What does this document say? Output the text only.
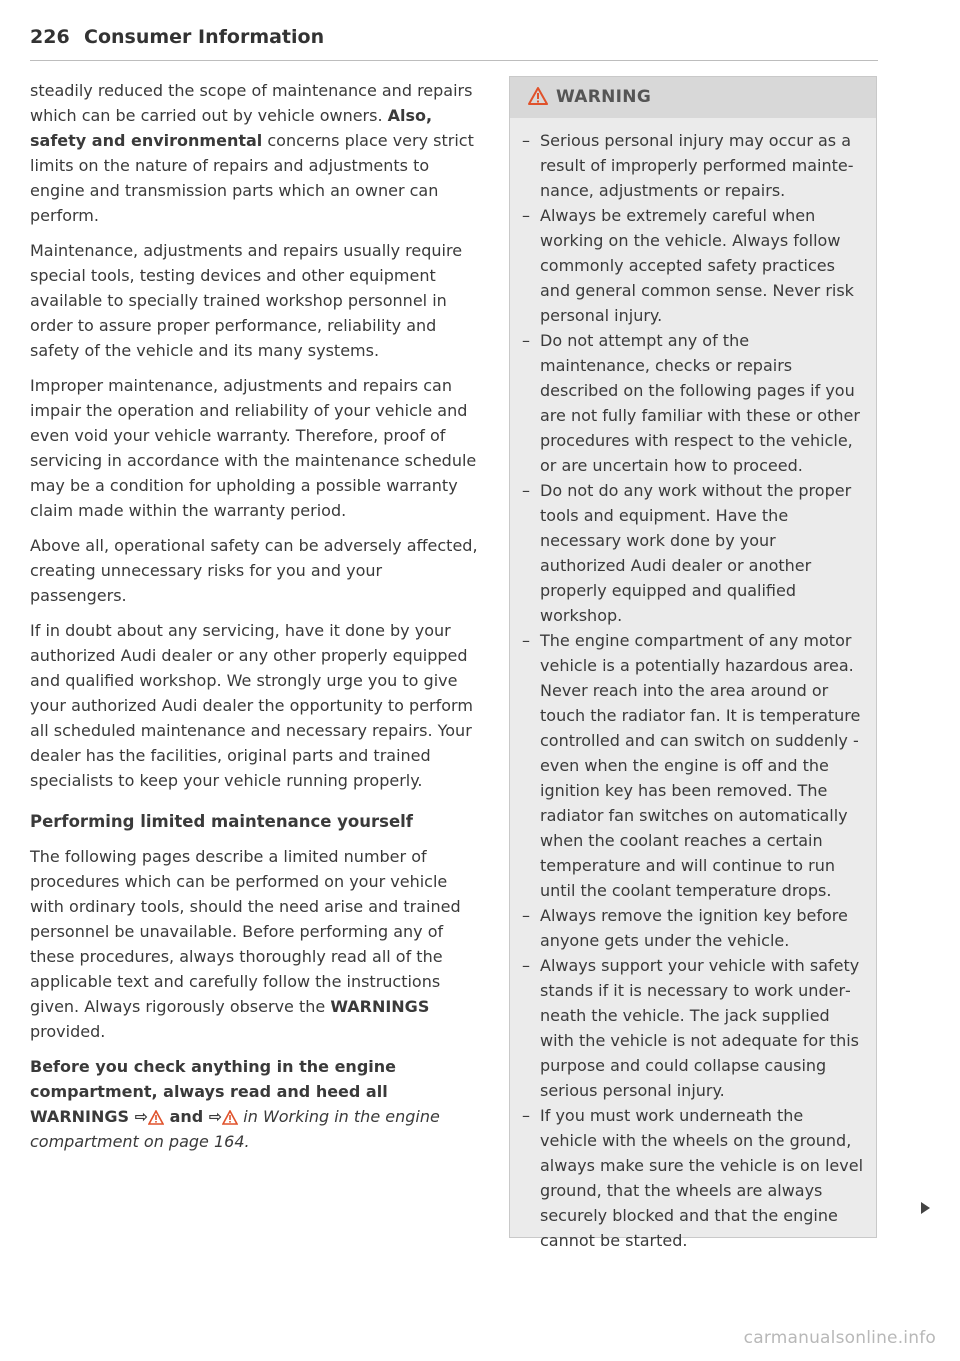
226 Consumer Information

steadily reduced the scope of maintenance and repairs which can be carried out by vehicle owners. Also, safety and environmental concerns place very strict limits on the nature of repairs and adjustments to engine and transmission parts which an owner can perform.

Maintenance, adjustments and repairs usually require special tools, testing devices and other equipment available to specially trained workshop personnel in order to assure proper performance, reliability and safety of the vehicle and its many systems.

Improper maintenance, adjustments and repairs can impair the operation and reliability of your vehicle and even void your vehicle warranty. Therefore, proof of servicing in accordance with the maintenance schedule may be a condition for upholding a possible warranty claim made within the warranty period.

Above all, operational safety can be adversely affected, creating unnecessary risks for you and your passengers.

If in doubt about any servicing, have it done by your authorized Audi dealer or any other properly equipped and qualified workshop. We strongly urge you to give your authorized Audi dealer the opportunity to perform all scheduled maintenance and necessary repairs. Your dealer has the facilities, original parts and trained specialists to keep your vehicle running properly.

Performing limited maintenance yourself

The following pages describe a limited number of procedures which can be performed on your vehicle with ordinary tools, should the need arise and trained personnel be unavailable. Before performing any of these procedures, always thoroughly read all of the applicable text and carefully follow the instructions given. Always rigorously observe the WARNINGS provided.

Before you check anything in the engine compartment, always read and heed all WARNINGS ⇨ and ⇨ in Working in the engine compartment on page 164.

WARNING
– Serious personal injury may occur as a result of improperly performed maintenance, adjustments or repairs.
– Always be extremely careful when working on the vehicle. Always follow commonly accepted safety practices and general common sense. Never risk personal injury.
– Do not attempt any of the maintenance, checks or repairs described on the following pages if you are not fully familiar with these or other procedures with respect to the vehicle, or are uncertain how to proceed.
– Do not do any work without the proper tools and equipment. Have the necessary work done by your authorized Audi dealer or another properly equipped and qualified workshop.
– The engine compartment of any motor vehicle is a potentially hazardous area. Never reach into the area around or touch the radiator fan. It is temperature controlled and can switch on suddenly - even when the engine is off and the ignition key has been removed. The radiator fan switches on automatically when the coolant reaches a certain temperature and will continue to run until the coolant temperature drops.
– Always remove the ignition key before anyone gets under the vehicle.
– Always support your vehicle with safety stands if it is necessary to work underneath the vehicle. The jack supplied with the vehicle is not adequate for this purpose and could collapse causing serious personal injury.
– If you must work underneath the vehicle with the wheels on the ground, always make sure the vehicle is on level ground, that the wheels are always securely blocked and that the engine cannot be started.
carmanualsonline.info
